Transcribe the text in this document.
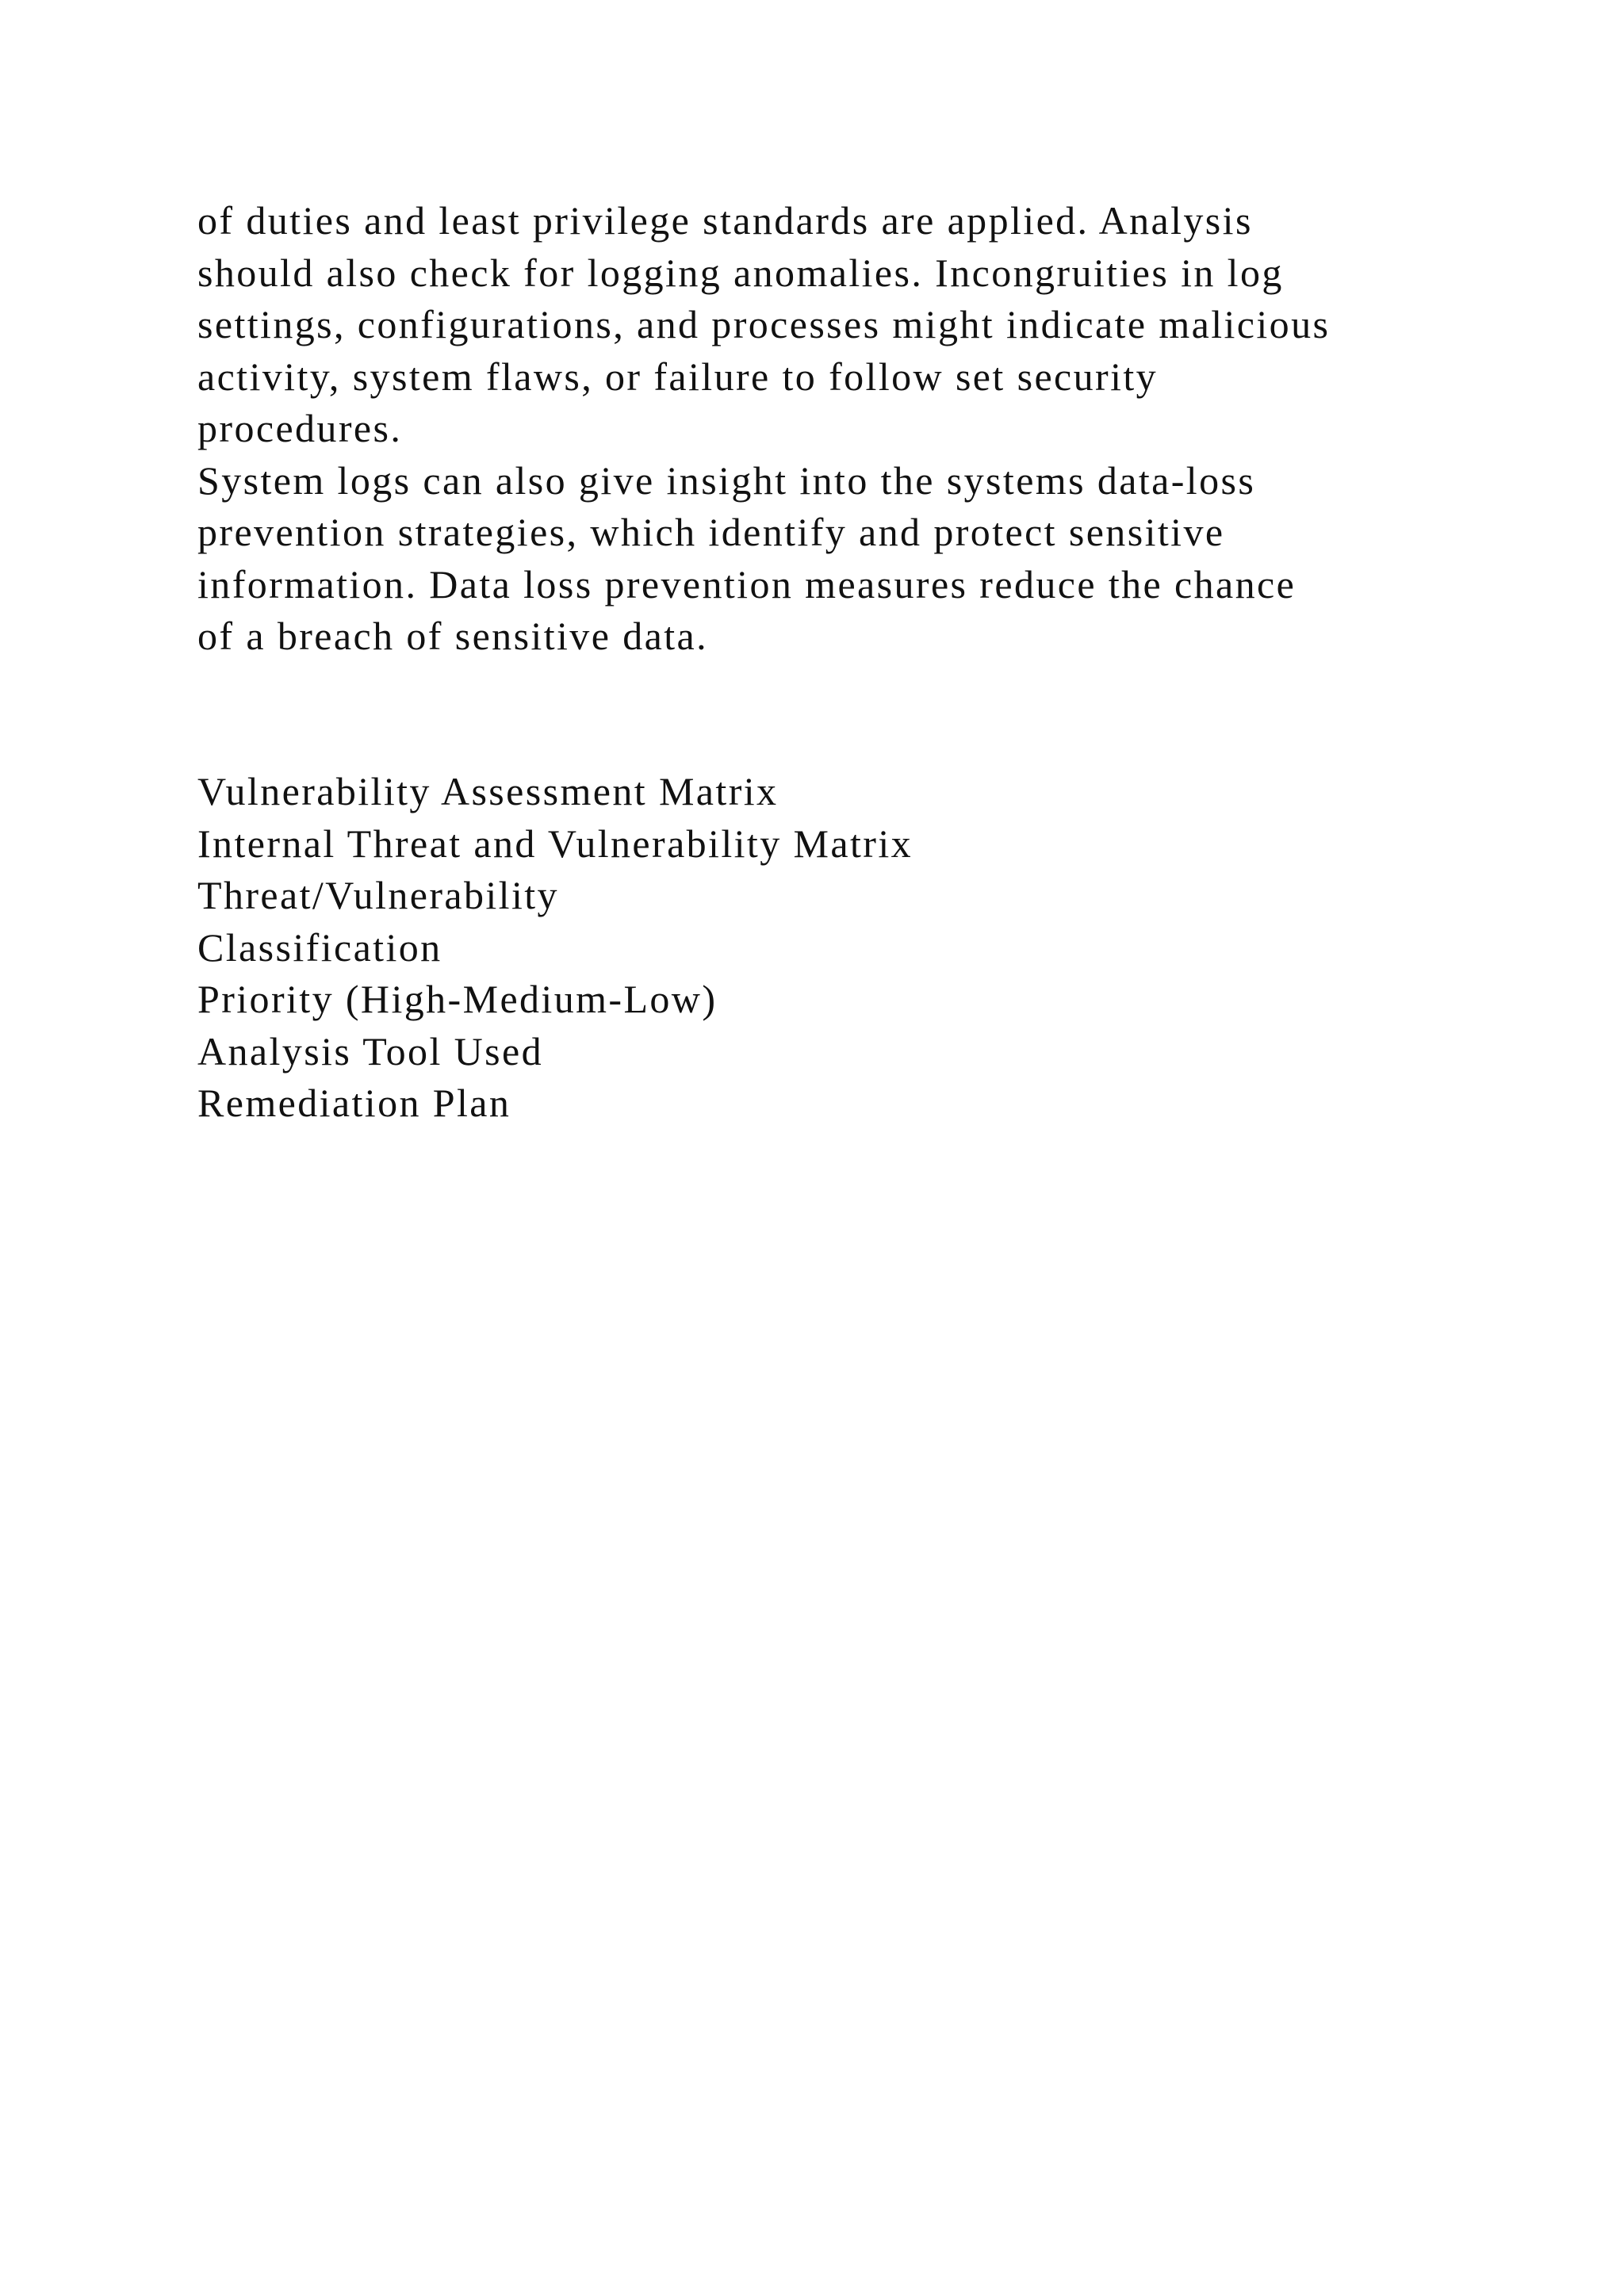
of duties and least privilege standards are applied. Analysis
should also check for logging anomalies. Incongruities in log
settings, configurations, and processes might indicate malicious
activity, system flaws, or failure to follow set security
procedures.
System logs can also give insight into the systems data-loss
prevention strategies, which identify and protect sensitive
information. Data loss prevention measures reduce the chance
of a breach of sensitive data.
Vulnerability Assessment Matrix
Internal Threat and Vulnerability Matrix
Threat/Vulnerability
Classification
Priority (High-Medium-Low)
Analysis Tool Used
Remediation Plan
